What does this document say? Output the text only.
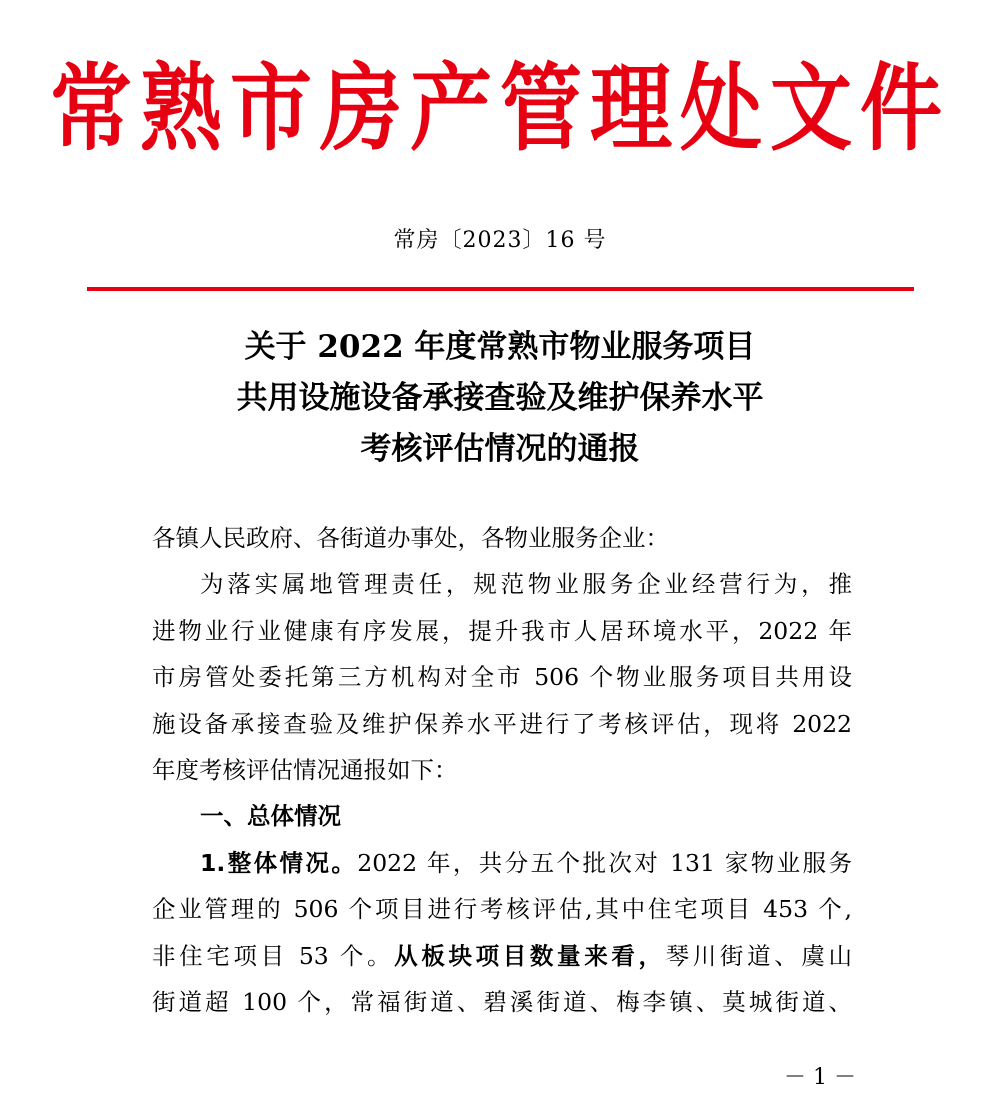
常熟市房产管理处文件
常房〔2023〕16 号
关于 2022 年度常熟市物业服务项目
共用设施设备承接查验及维护保养水平
考核评估情况的通报
各镇人民政府、各街道办事处，各物业服务企业：
为落实属地管理责任，规范物业服务企业经营行为，推
进物业行业健康有序发展，提升我市人居环境水平，2022 年
市房管处委托第三方机构对全市 506 个物业服务项目共用设
施设备承接查验及维护保养水平进行了考核评估，现将 2022
年度考核评估情况通报如下：
一、总体情况
1.整体情况。2022 年，共分五个批次对 131 家物业服务
企业管理的 506 个项目进行考核评估,其中住宅项目 453 个,
非住宅项目 53 个。从板块项目数量来看，琴川街道、虞山
街道超 100 个，常福街道、碧溪街道、梅李镇、莫城街道、
－ 1 －
